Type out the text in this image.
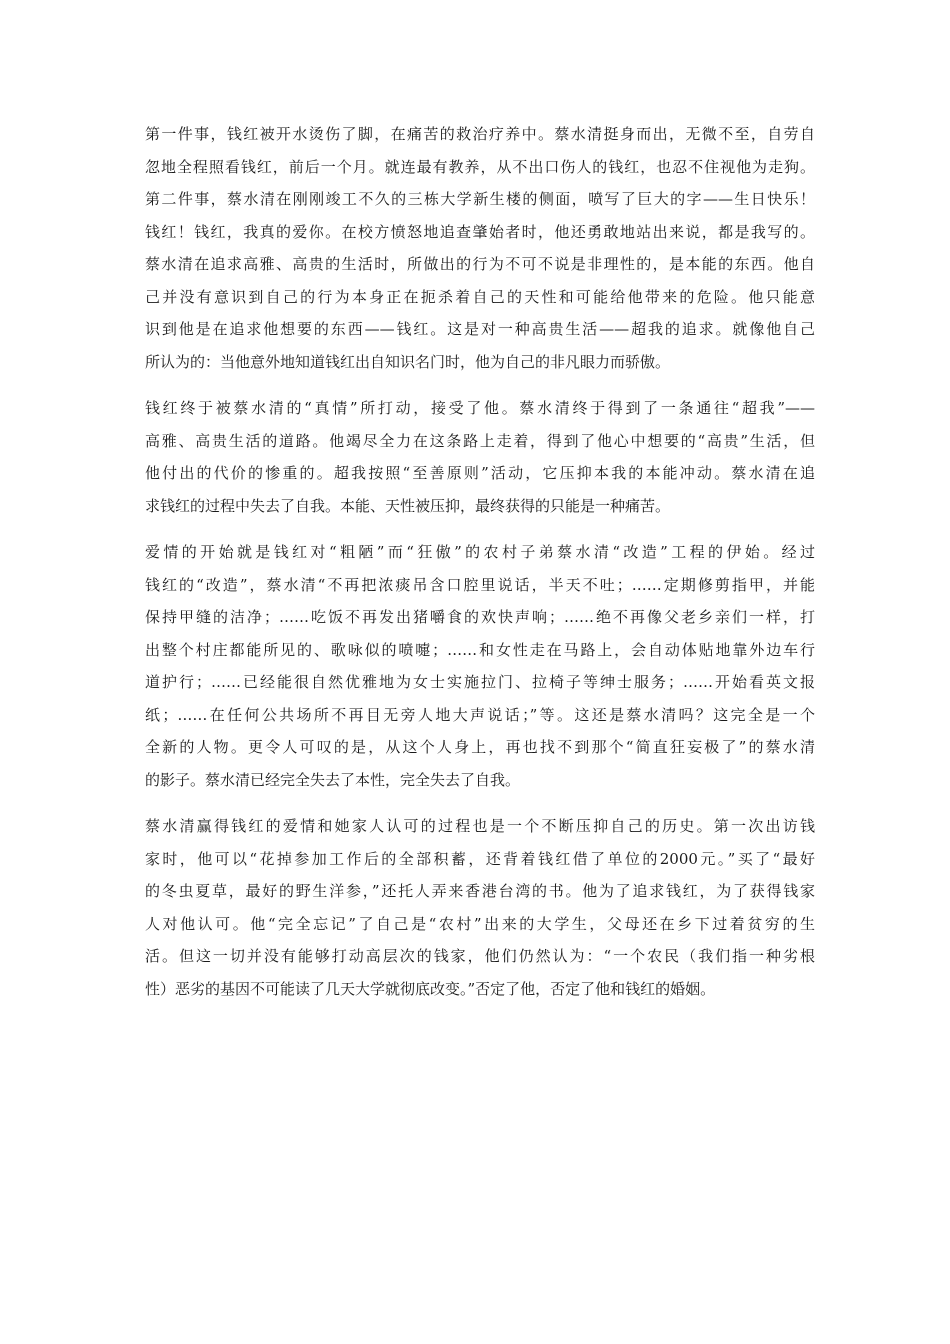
第一件事，钱红被开水烫伤了脚，在痛苦的救治疗养中。蔡水清挺身而出，无微不至，自劳自
忽地全程照看钱红，前后一个月。就连最有教养，从不出口伤人的钱红，也忍不住视他为走狗。
第二件事，蔡水清在刚刚竣工不久的三栋大学新生楼的侧面，喷写了巨大的字——生日快乐！
钱红！钱红，我真的爱你。在校方愤怒地追查肇始者时，他还勇敢地站出来说，都是我写的。
蔡水清在追求高雅、高贵的生活时，所做出的行为不可不说是非理性的，是本能的东西。他自
己并没有意识到自己的行为本身正在扼杀着自己的天性和可能给他带来的危险。他只能意
识到他是在追求他想要的东西——钱红。这是对一种高贵生活——超我的追求。就像他自己
所认为的：当他意外地知道钱红出自知识名门时，他为自己的非凡眼力而骄傲。
钱红终于被蔡水清的“真情”所打动，接受了他。蔡水清终于得到了一条通往“超我”——
高雅、高贵生活的道路。他竭尽全力在这条路上走着，得到了他心中想要的“高贵”生活，但
他付出的代价的惨重的。超我按照“至善原则”活动，它压抑本我的本能冲动。蔡水清在追
求钱红的过程中失去了自我。本能、天性被压抑，最终获得的只能是一种痛苦。
爱情的开始就是钱红对“粗陋”而“狂傲”的农村子弟蔡水清“改造”工程的伊始。经过
钱红的“改造”，蔡水清“不再把浓痰吊含口腔里说话，半天不吐；……定期修剪指甲，并能
保持甲缝的洁净；……吃饭不再发出猪嚼食的欢快声响；……绝不再像父老乡亲们一样，打
出整个村庄都能所见的、歌咏似的喷嚏；……和女性走在马路上，会自动体贴地靠外边车行
道护行；……已经能很自然优雅地为女士实施拉门、拉椅子等绅士服务；……开始看英文报
纸；……在任何公共场所不再目无旁人地大声说话；”等。这还是蔡水清吗？这完全是一个
全新的人物。更令人可叹的是，从这个人身上，再也找不到那个“简直狂妄极了”的蔡水清
的影子。蔡水清已经完全失去了本性，完全失去了自我。
蔡水清赢得钱红的爱情和她家人认可的过程也是一个不断压抑自己的历史。第一次出访钱
家时，他可以“花掉参加工作后的全部积蓄，还背着钱红借了单位的2000元。”买了“最好
的冬虫夏草，最好的野生洋参，”还托人弄来香港台湾的书。他为了追求钱红，为了获得钱家
人对他认可。他“完全忘记”了自己是“农村”出来的大学生，父母还在乡下过着贫穷的生
活。但这一切并没有能够打动高层次的钱家，他们仍然认为：“一个农民（我们指一种劣根
性）恶劣的基因不可能读了几天大学就彻底改变。”否定了他，否定了他和钱红的婚姻。
